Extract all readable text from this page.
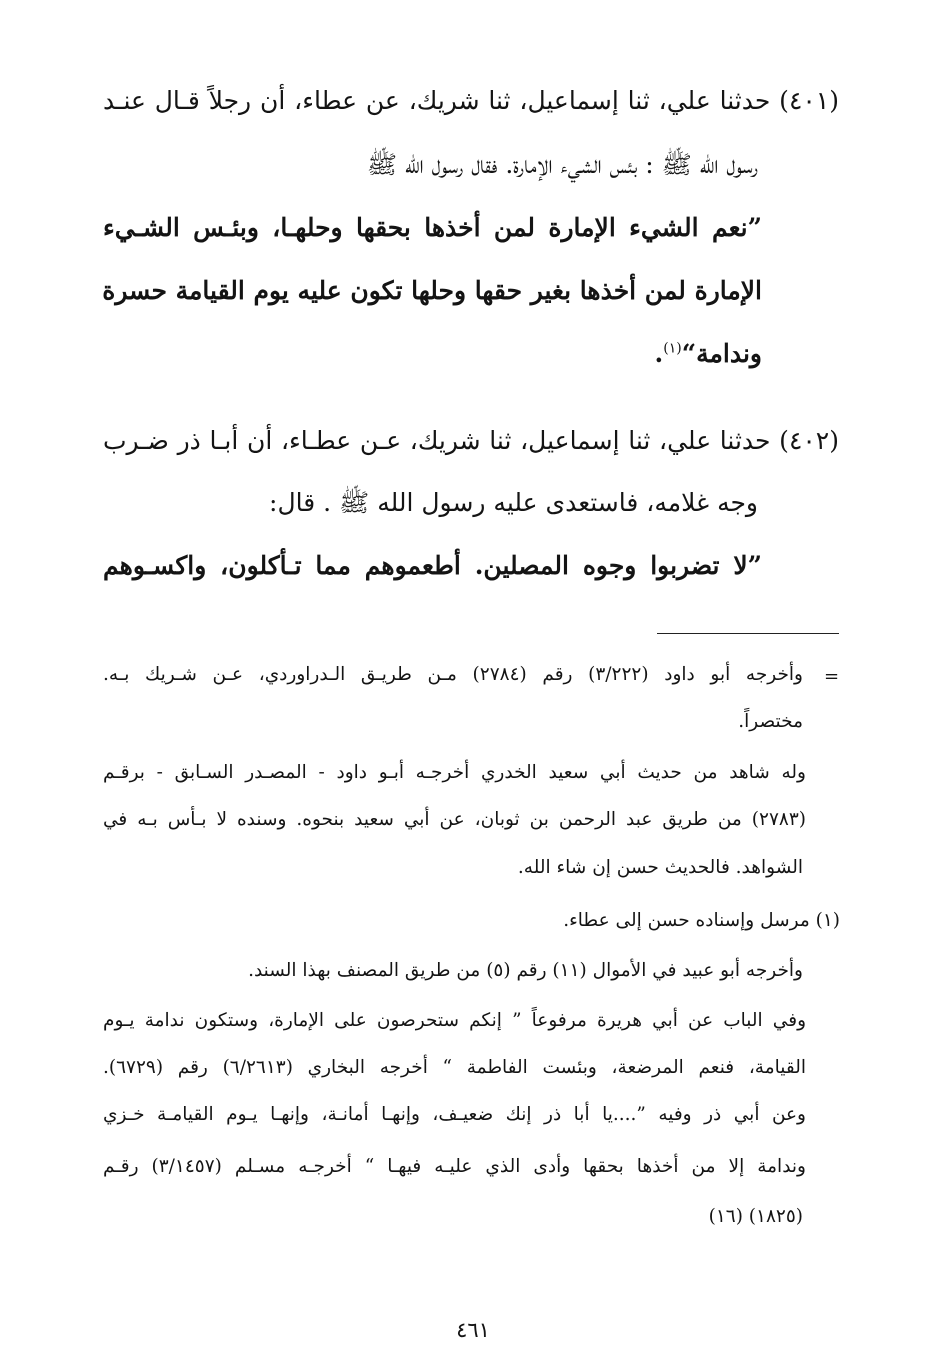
(٤٠١) حدثنا علي، ثنا إسماعيل، ثنا شريك، عن عطاء، أن رجلاً قـال عنـد
رسول الله ﷺ : بئس الشيء الإمارة. فقال رسول الله ﷺ
”نعم الشيء الإمارة لمن أخذها بحقها وحلهـا، وبئـس الشـيء
الإمارة لمن أخذها بغير حقها وحلها تكون عليه يوم القيامة حسرة
وندامة“$^{(١)}$.
(٤٠٢) حدثنا علي، ثنا إسماعيل، ثنا شريك، عـن عطـاء، أن أبـا ذر ضـرب
وجه غلامه، فاستعدى عليه رسول الله ﷺ . قال:
”لا تضربوا وجوه المصلين. أطعموهم مما تـأكلون، واكسـوهم
=
وأخرجه أبو داود (٣/٢٢٢) رقم (٢٧٨٤) مـن طريـق الـدراوردي، عـن شـريك بـه.
مختصراً.
وله شاهد من حديث أبي سعيد الخدري أخرجـه أبـو داود - المصـدر السـابق - برقـم
(٢٧٨٣) من طريق عبد الرحمن بن ثوبان، عن أبي سعيد بنحوه. وسنده لا بـأس بـه في
الشواهد. فالحديث حسن إن شاء الله.
(١) مرسل وإسناده حسن إلى عطاء.
وأخرجه أبو عبيد في الأموال (١١) رقم (٥) من طريق المصنف بهذا السند.
وفي الباب عن أبي هريرة مرفوعاً ” إنكم ستحرصون على الإمارة، وستكون ندامة يـوم
القيامة، فنعم المرضعة، وبئست الفاطمة “ أخرجه البخاري (٦/٢٦١٣) رقم (٦٧٢٩).
وعن أبي ذر وفيه ”....يا أبا ذر إنك ضعيـف، وإنهـا أمانـة، وإنهـا يـوم القيامـة خـزي
وندامة إلا من أخذها بحقها وأدى الذي عليـه فيهـا “ أخرجـه مسـلم (٣/١٤٥٧) رقـم
(١٨٢٥) (١٦)
٤٦١
